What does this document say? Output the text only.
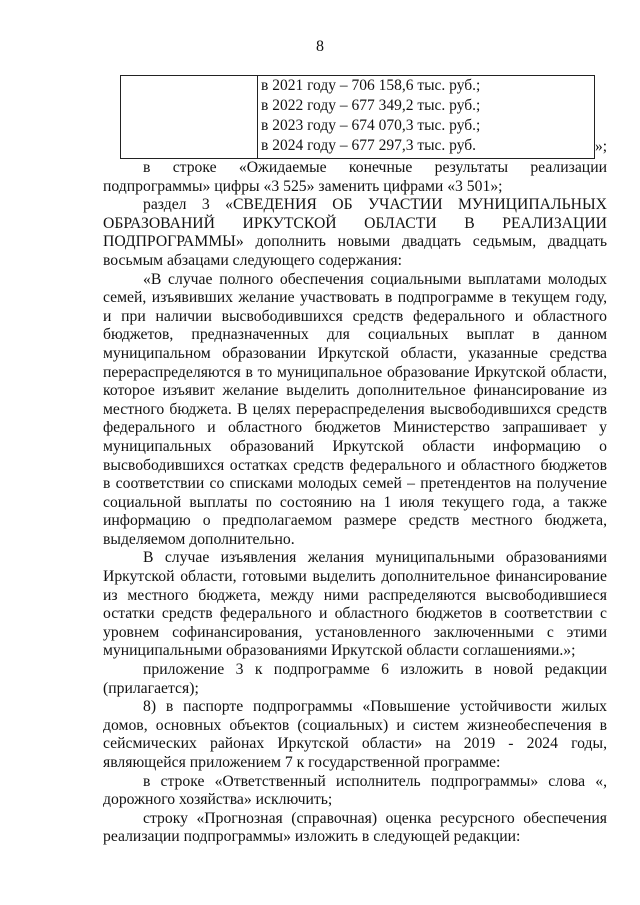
8

в 2021 году – 706 158,6 тыс. руб.;
в 2022 году – 677 349,2 тыс. руб.;
в 2023 году – 674 070,3 тыс. руб.;
в 2024 году – 677 297,3 тыс. руб.	»;

в строке «Ожидаемые конечные результаты реализации подпрограммы» цифры «3 525» заменить цифрами «3 501»;

раздел 3 «СВЕДЕНИЯ ОБ УЧАСТИИ МУНИЦИПАЛЬНЫХ ОБРАЗОВАНИЙ ИРКУТСКОЙ ОБЛАСТИ В РЕАЛИЗАЦИИ ПОДПРОГРАММЫ» дополнить новыми двадцать седьмым, двадцать восьмым абзацами следующего содержания:

«В случае полного обеспечения социальными выплатами молодых семей, изъявивших желание участвовать в подпрограмме в текущем году, и при наличии высвободившихся средств федерального и областного бюджетов, предназначенных для социальных выплат в данном муниципальном образовании Иркутской области, указанные средства перераспределяются в то муниципальное образование Иркутской области, которое изъявит желание выделить дополнительное финансирование из местного бюджета. В целях перераспределения высвободившихся средств федерального и областного бюджетов Министерство запрашивает у муниципальных образований Иркутской области информацию о высвободившихся остатках средств федерального и областного бюджетов в соответствии со списками молодых семей – претендентов на получение социальной выплаты по состоянию на 1 июля текущего года, а также информацию о предполагаемом размере средств местного бюджета, выделяемом дополнительно.

В случае изъявления желания муниципальными образованиями Иркутской области, готовыми выделить дополнительное финансирование из местного бюджета, между ними распределяются высвободившиеся остатки средств федерального и областного бюджетов в соответствии с уровнем софинансирования, установленного заключенными с этими муниципальными образованиями Иркутской области соглашениями.»;

приложение 3 к подпрограмме 6 изложить в новой редакции (прилагается);

8) в паспорте подпрограммы «Повышение устойчивости жилых домов, основных объектов (социальных) и систем жизнеобеспечения в сейсмических районах Иркутской области» на 2019 - 2024 годы, являющейся приложением 7 к государственной программе:

в строке «Ответственный исполнитель подпрограммы» слова «, дорожного хозяйства» исключить;

строку «Прогнозная (справочная) оценка ресурсного обеспечения реализации подпрограммы» изложить в следующей редакции:
